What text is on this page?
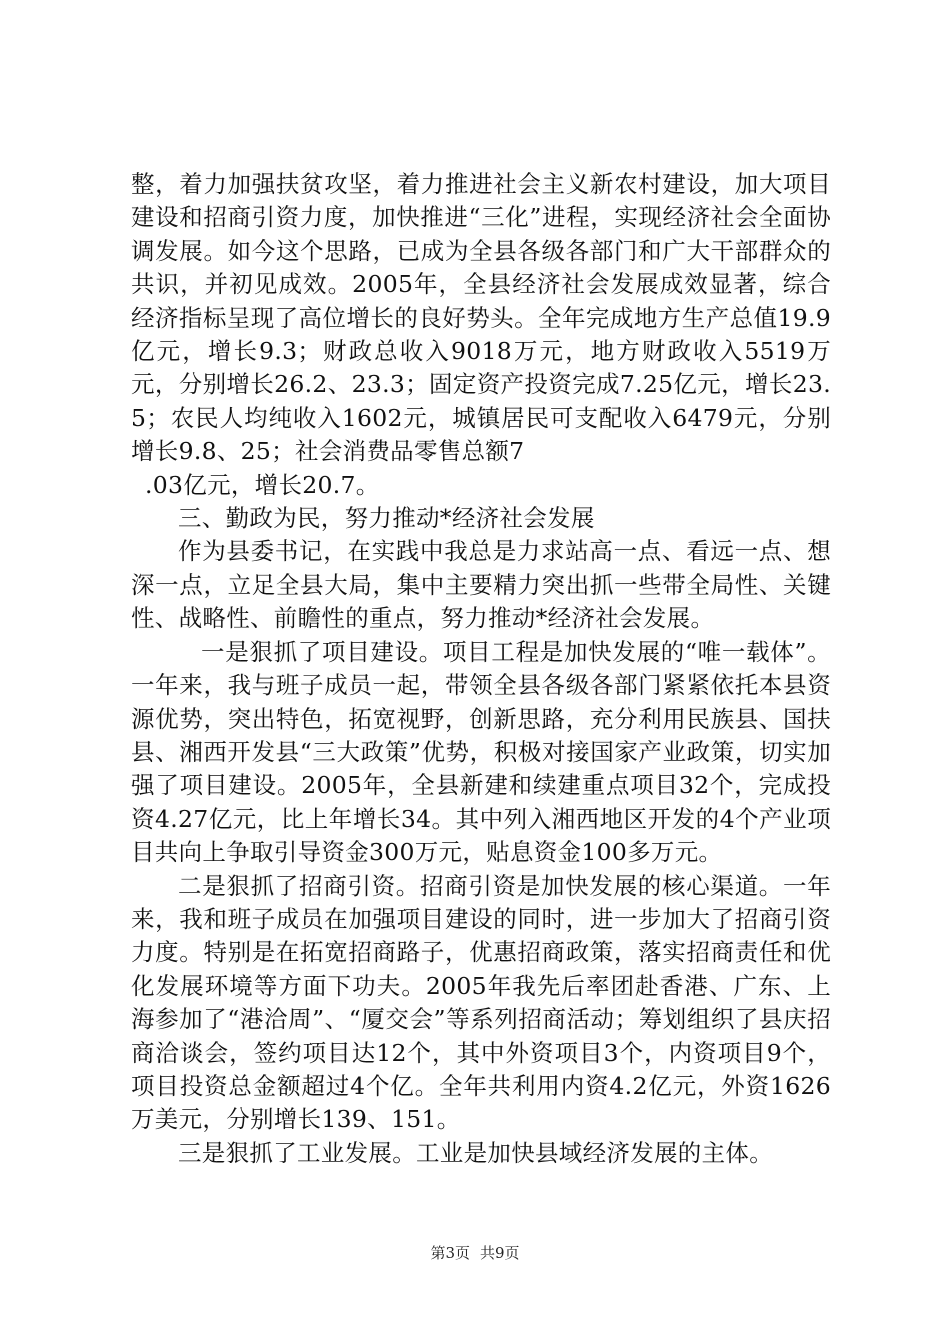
整，着力加强扶贫攻坚，着力推进社会主义新农村建设，加大项目建设和招商引资力度，加快推进“三化”进程，实现经济社会全面协调发展。如今这个思路，已成为全县各级各部门和广大干部群众的共识，并初见成效。2005年，全县经济社会发展成效显著，综合经济指标呈现了高位增长的良好势头。全年完成地方生产总值19.9亿元，增长9.3；财政总收入9018万元，地方财政收入5519万元，分别增长26.2、23.3；固定资产投资完成7.25亿元，增长23.5；农民人均纯收入1602元，城镇居民可支配收入6479元，分别增长9.8、25；社会消费品零售总额7

.03亿元，增长20.7。

三、勤政为民，努力推动*经济社会发展

作为县委书记，在实践中我总是力求站高一点、看远一点、想深一点，立足全县大局，集中主要精力突出抓一些带全局性、关键性、战略性、前瞻性的重点，努力推动*经济社会发展。

一是狠抓了项目建设。项目工程是加快发展的“唯一载体”。一年来，我与班子成员一起，带领全县各级各部门紧紧依托本县资源优势，突出特色，拓宽视野，创新思路，充分利用民族县、国扶县、湘西开发县“三大政策”优势，积极对接国家产业政策，切实加强了项目建设。2005年，全县新建和续建重点项目32个，完成投资4.27亿元，比上年增长34。其中列入湘西地区开发的4个产业项目共向上争取引导资金300万元，贴息资金100多万元。

二是狠抓了招商引资。招商引资是加快发展的核心渠道。一年来，我和班子成员在加强项目建设的同时，进一步加大了招商引资力度。特别是在拓宽招商路子，优惠招商政策，落实招商责任和优化发展环境等方面下功夫。2005年我先后率团赴香港、广东、上海参加了“港洽周”、“厦交会”等系列招商活动；筹划组织了县庆招商洽谈会，签约项目达12个，其中外资项目3个，内资项目9个，项目投资总金额超过4个亿。全年共利用内资4.2亿元，外资1626万美元，分别增长139、151。

三是狠抓了工业发展。工业是加快县域经济发展的主体。

第3页 共9页
